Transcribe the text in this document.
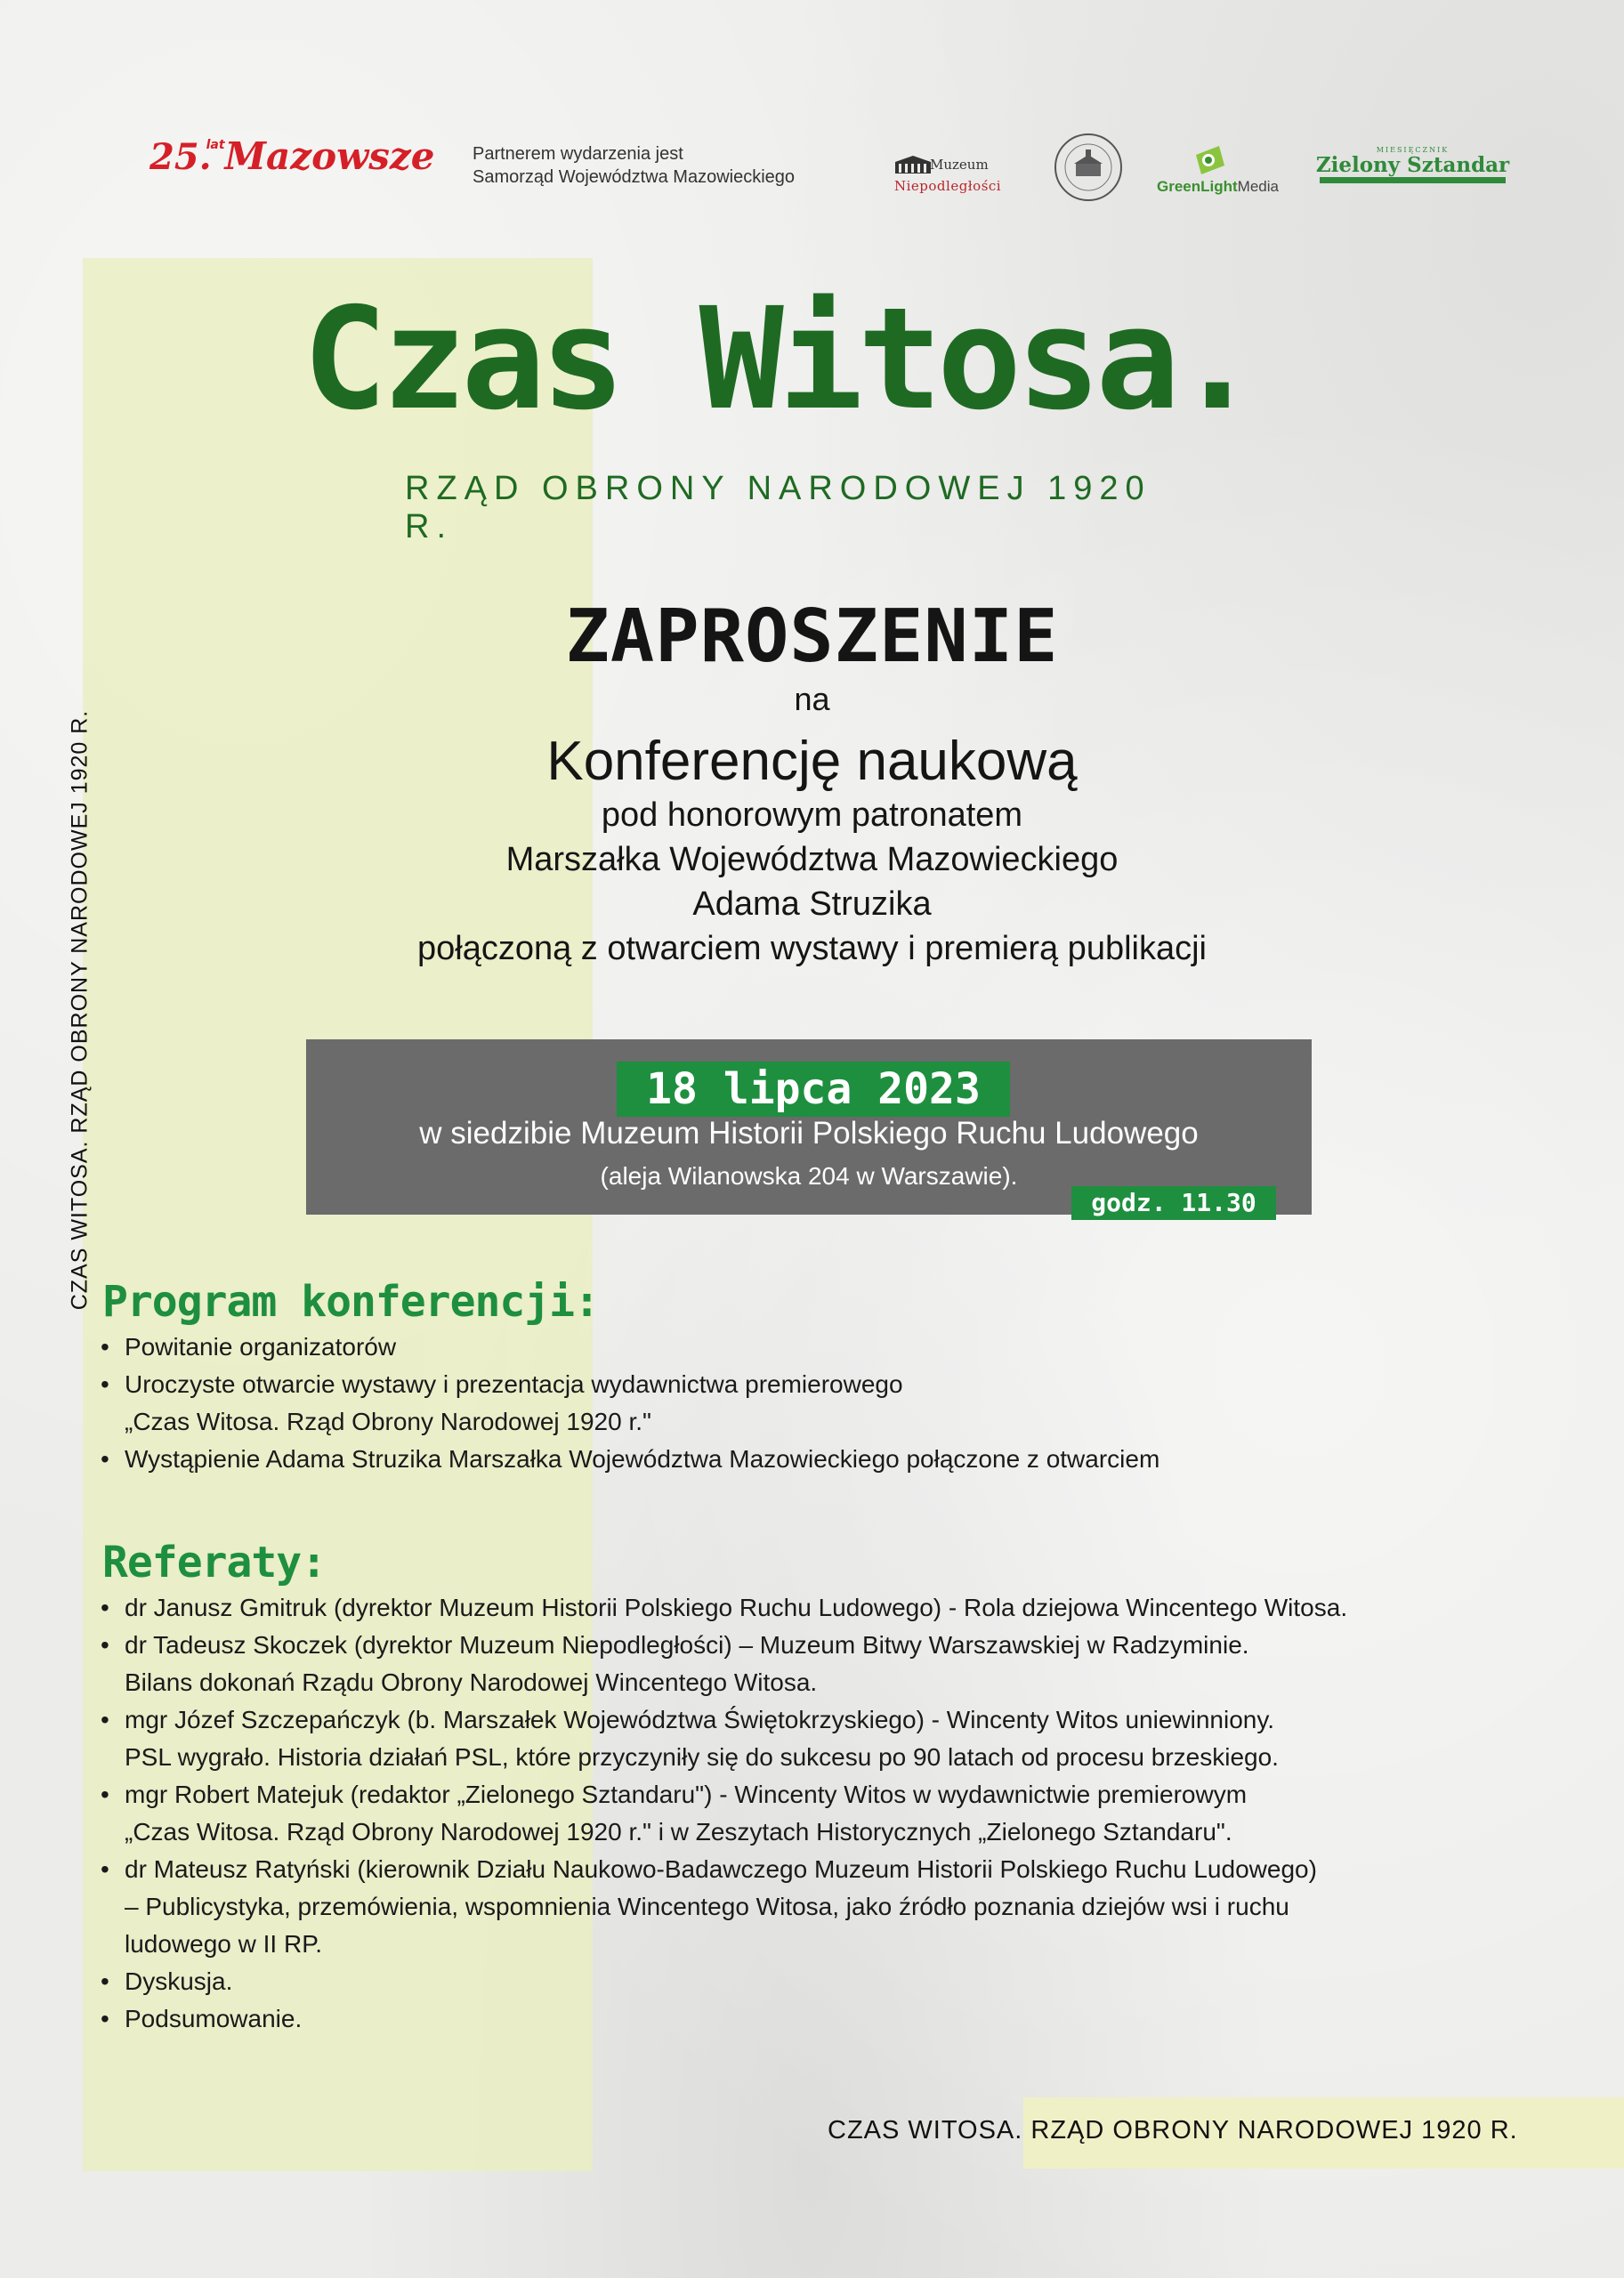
25.
lat Mazowsze Partnerem wydarzenia jest
Samorząd Województwa Mazowieckiego
Muzeum
Niepodległości	GreenLightMedia
MIESIĘCZNIK
Zielony Sztandar
CZAS WITOSA. RZĄD OBRONY NARODOWEJ 1920 R.
Czas Witosa.
RZĄD OBRONY NARODOWEJ 1920 R.
ZAPROSZENIE
na
Konferencję naukową
pod honorowym patronatem
Marszałka Województwa Mazowieckiego
Adama Struzika
połączoną z otwarciem wystawy i premierą publikacji
18 lipca 2023
w siedzibie Muzeum Historii Polskiego Ruchu Ludowego
(aleja Wilanowska 204 w Warszawie).
godz. 11.30
Program konferencji:
• Powitanie organizatorów
• Uroczyste otwarcie wystawy i prezentacja wydawnictwa premierowego
„Czas Witosa. Rząd Obrony Narodowej 1920 r."
• Wystąpienie Adama Struzika Marszałka Województwa Mazowieckiego połączone z otwarciem
Referaty:
• dr Janusz Gmitruk (dyrektor Muzeum Historii Polskiego Ruchu Ludowego) - Rola dziejowa Wincentego Witosa.
• dr Tadeusz Skoczek (dyrektor Muzeum Niepodległości) – Muzeum Bitwy Warszawskiej w Radzyminie.
Bilans dokonań Rządu Obrony Narodowej Wincentego Witosa.
• mgr Józef Szczepańczyk (b. Marszałek Województwa Świętokrzyskiego) - Wincenty Witos uniewinniony.
PSL wygrało. Historia działań PSL, które przyczyniły się do sukcesu po 90 latach od procesu brzeskiego.
• mgr Robert Matejuk (redaktor „Zielonego Sztandaru") - Wincenty Witos w wydawnictwie premierowym
„Czas Witosa. Rząd Obrony Narodowej 1920 r." i w Zeszytach Historycznych „Zielonego Sztandaru".
• dr Mateusz Ratyński (kierownik Działu Naukowo-Badawczego Muzeum Historii Polskiego Ruchu Ludowego)
– Publicystyka, przemówienia, wspomnienia Wincentego Witosa, jako źródło poznania dziejów wsi i ruchu
ludowego w II RP.
• Dyskusja.
• Podsumowanie.
CZAS WITOSA. RZĄD OBRONY NARODOWEJ 1920 R.
